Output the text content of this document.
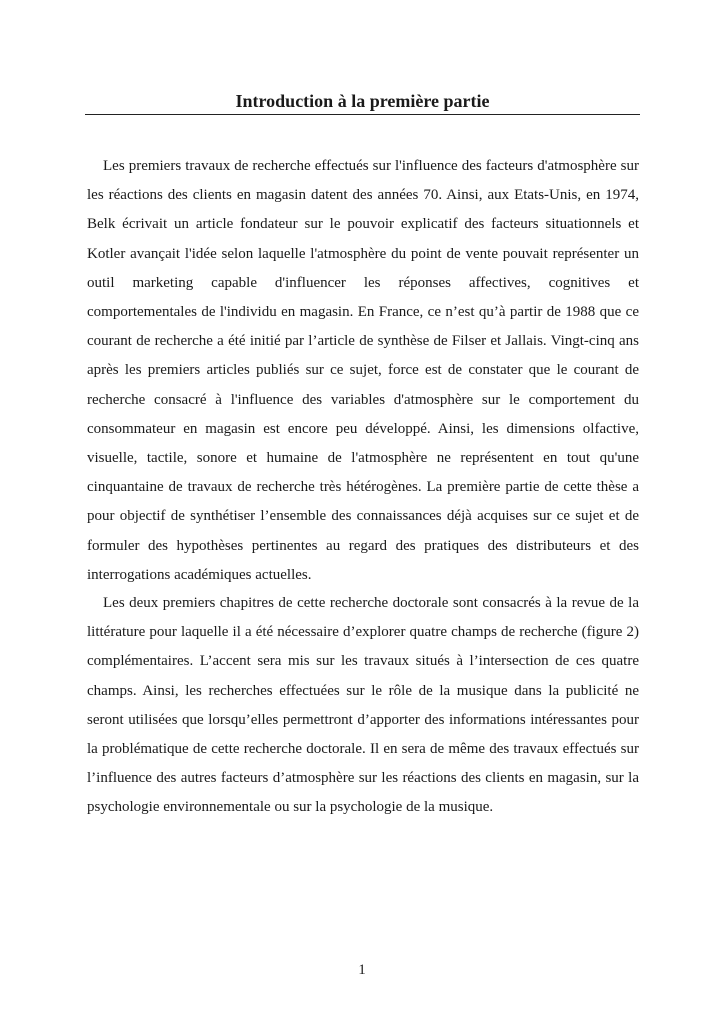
Introduction à la première partie

Les premiers travaux de recherche effectués sur l'influence des facteurs d'atmosphère sur les réactions des clients en magasin datent des années 70. Ainsi, aux Etats-Unis, en 1974, Belk écrivait un article fondateur sur le pouvoir explicatif des facteurs situationnels et Kotler avançait l'idée selon laquelle l'atmosphère du point de vente pouvait représenter un outil marketing capable d'influencer les réponses affectives, cognitives et comportementales de l'individu en magasin. En France, ce n’est qu’à partir de 1988 que ce courant de recherche a été initié par l’article de synthèse de Filser et Jallais. Vingt-cinq ans après les premiers articles publiés sur ce sujet, force est de constater que le courant de recherche consacré à l'influence des variables d'atmosphère sur le comportement du consommateur en magasin est encore peu développé. Ainsi, les dimensions olfactive, visuelle, tactile, sonore et humaine de l'atmosphère ne représentent en tout qu'une cinquantaine de travaux de recherche très hétérogènes. La première partie de cette thèse a pour objectif de synthétiser l’ensemble des connaissances déjà acquises sur ce sujet et de formuler des hypothèses pertinentes au regard des pratiques des distributeurs et des interrogations académiques actuelles.

Les deux premiers chapitres de cette recherche doctorale sont consacrés à la revue de la littérature pour laquelle il a été nécessaire d’explorer quatre champs de recherche (figure 2) complémentaires. L’accent sera mis sur les travaux situés à l’intersection de ces quatre champs. Ainsi, les recherches effectuées sur le rôle de la musique dans la publicité ne seront utilisées que lorsqu’elles permettront d’apporter des informations intéressantes pour la problématique de cette recherche doctorale. Il en sera de même des travaux effectués sur l’influence des autres facteurs d’atmosphère sur les réactions des clients en magasin, sur la psychologie environnementale ou sur la psychologie de la musique.

1
